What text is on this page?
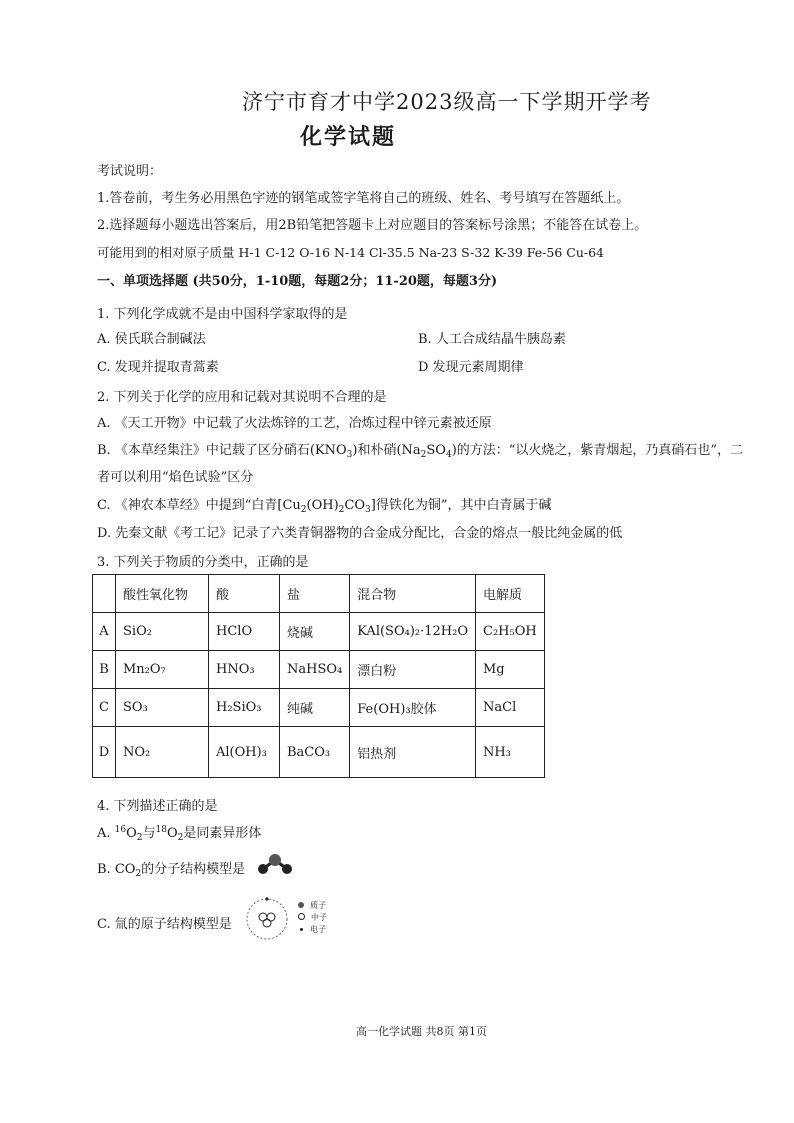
济宁市育才中学2023级高一下学期开学考
化学试题
考试说明：
1.答卷前，考生务必用黑色字迹的钢笔或签字笔将自己的班级、姓名、考号填写在答题纸上。
2.选择题每小题选出答案后，用2B铅笔把答题卡上对应题目的答案标号涂黑；不能答在试卷上。
可能用到的相对原子质量 H-1 C-12 O-16 N-14 Cl-35.5 Na-23 S-32 K-39 Fe-56 Cu-64
一、单项选择题 (共50分，1-10题，每题2分；11-20题，每题3分)
1. 下列化学成就不是由中国科学家取得的是
A. 侯氏联合制碱法	B. 人工合成结晶牛胰岛素
C. 发现并提取青蒿素	D 发现元素周期律
2. 下列关于化学的应用和记载对其说明不合理的是
A. 《天工开物》中记载了火法炼锌的工艺，冶炼过程中锌元素被还原
B. 《本草经集注》中记载了区分硝石$(KNO_3)$和朴硝$(Na_2SO_4)$的方法：“以火烧之，紫青烟起，乃真硝石也”，二
者可以利用“焰色试验”区分
C. 《神农本草经》中提到“白青$[Cu_2(OH)_2CO_3]$得铁化为铜”，其中白青属于碱
D. 先秦文献《考工记》记录了六类青铜器物的合金成分配比，合金的熔点一般比纯金属的低
3. 下列关于物质的分类中，正确的是
	酸性氧化物	酸	盐	混合物	电解质
A	SiO₂	HClO	烧碱	KAl(SO₄)₂·12H₂O	C₂H₅OH
B	Mn₂O₇	HNO₃	NaHSO₄	漂白粉	Mg
C	SO₃	H₂SiO₃	纯碱	Fe(OH)₃胶体	NaCl
D	NO₂	Al(OH)₃	BaCO₃	铝热剂	NH₃
4. 下列描述正确的是
A. $^{16}O_2$与$^{18}O_2$是同素异形体
B. $CO_2$的分子结构模型是
C. 氚的原子结构模型是
质子
中子
电子
高一化学试题 共8页 第1页
